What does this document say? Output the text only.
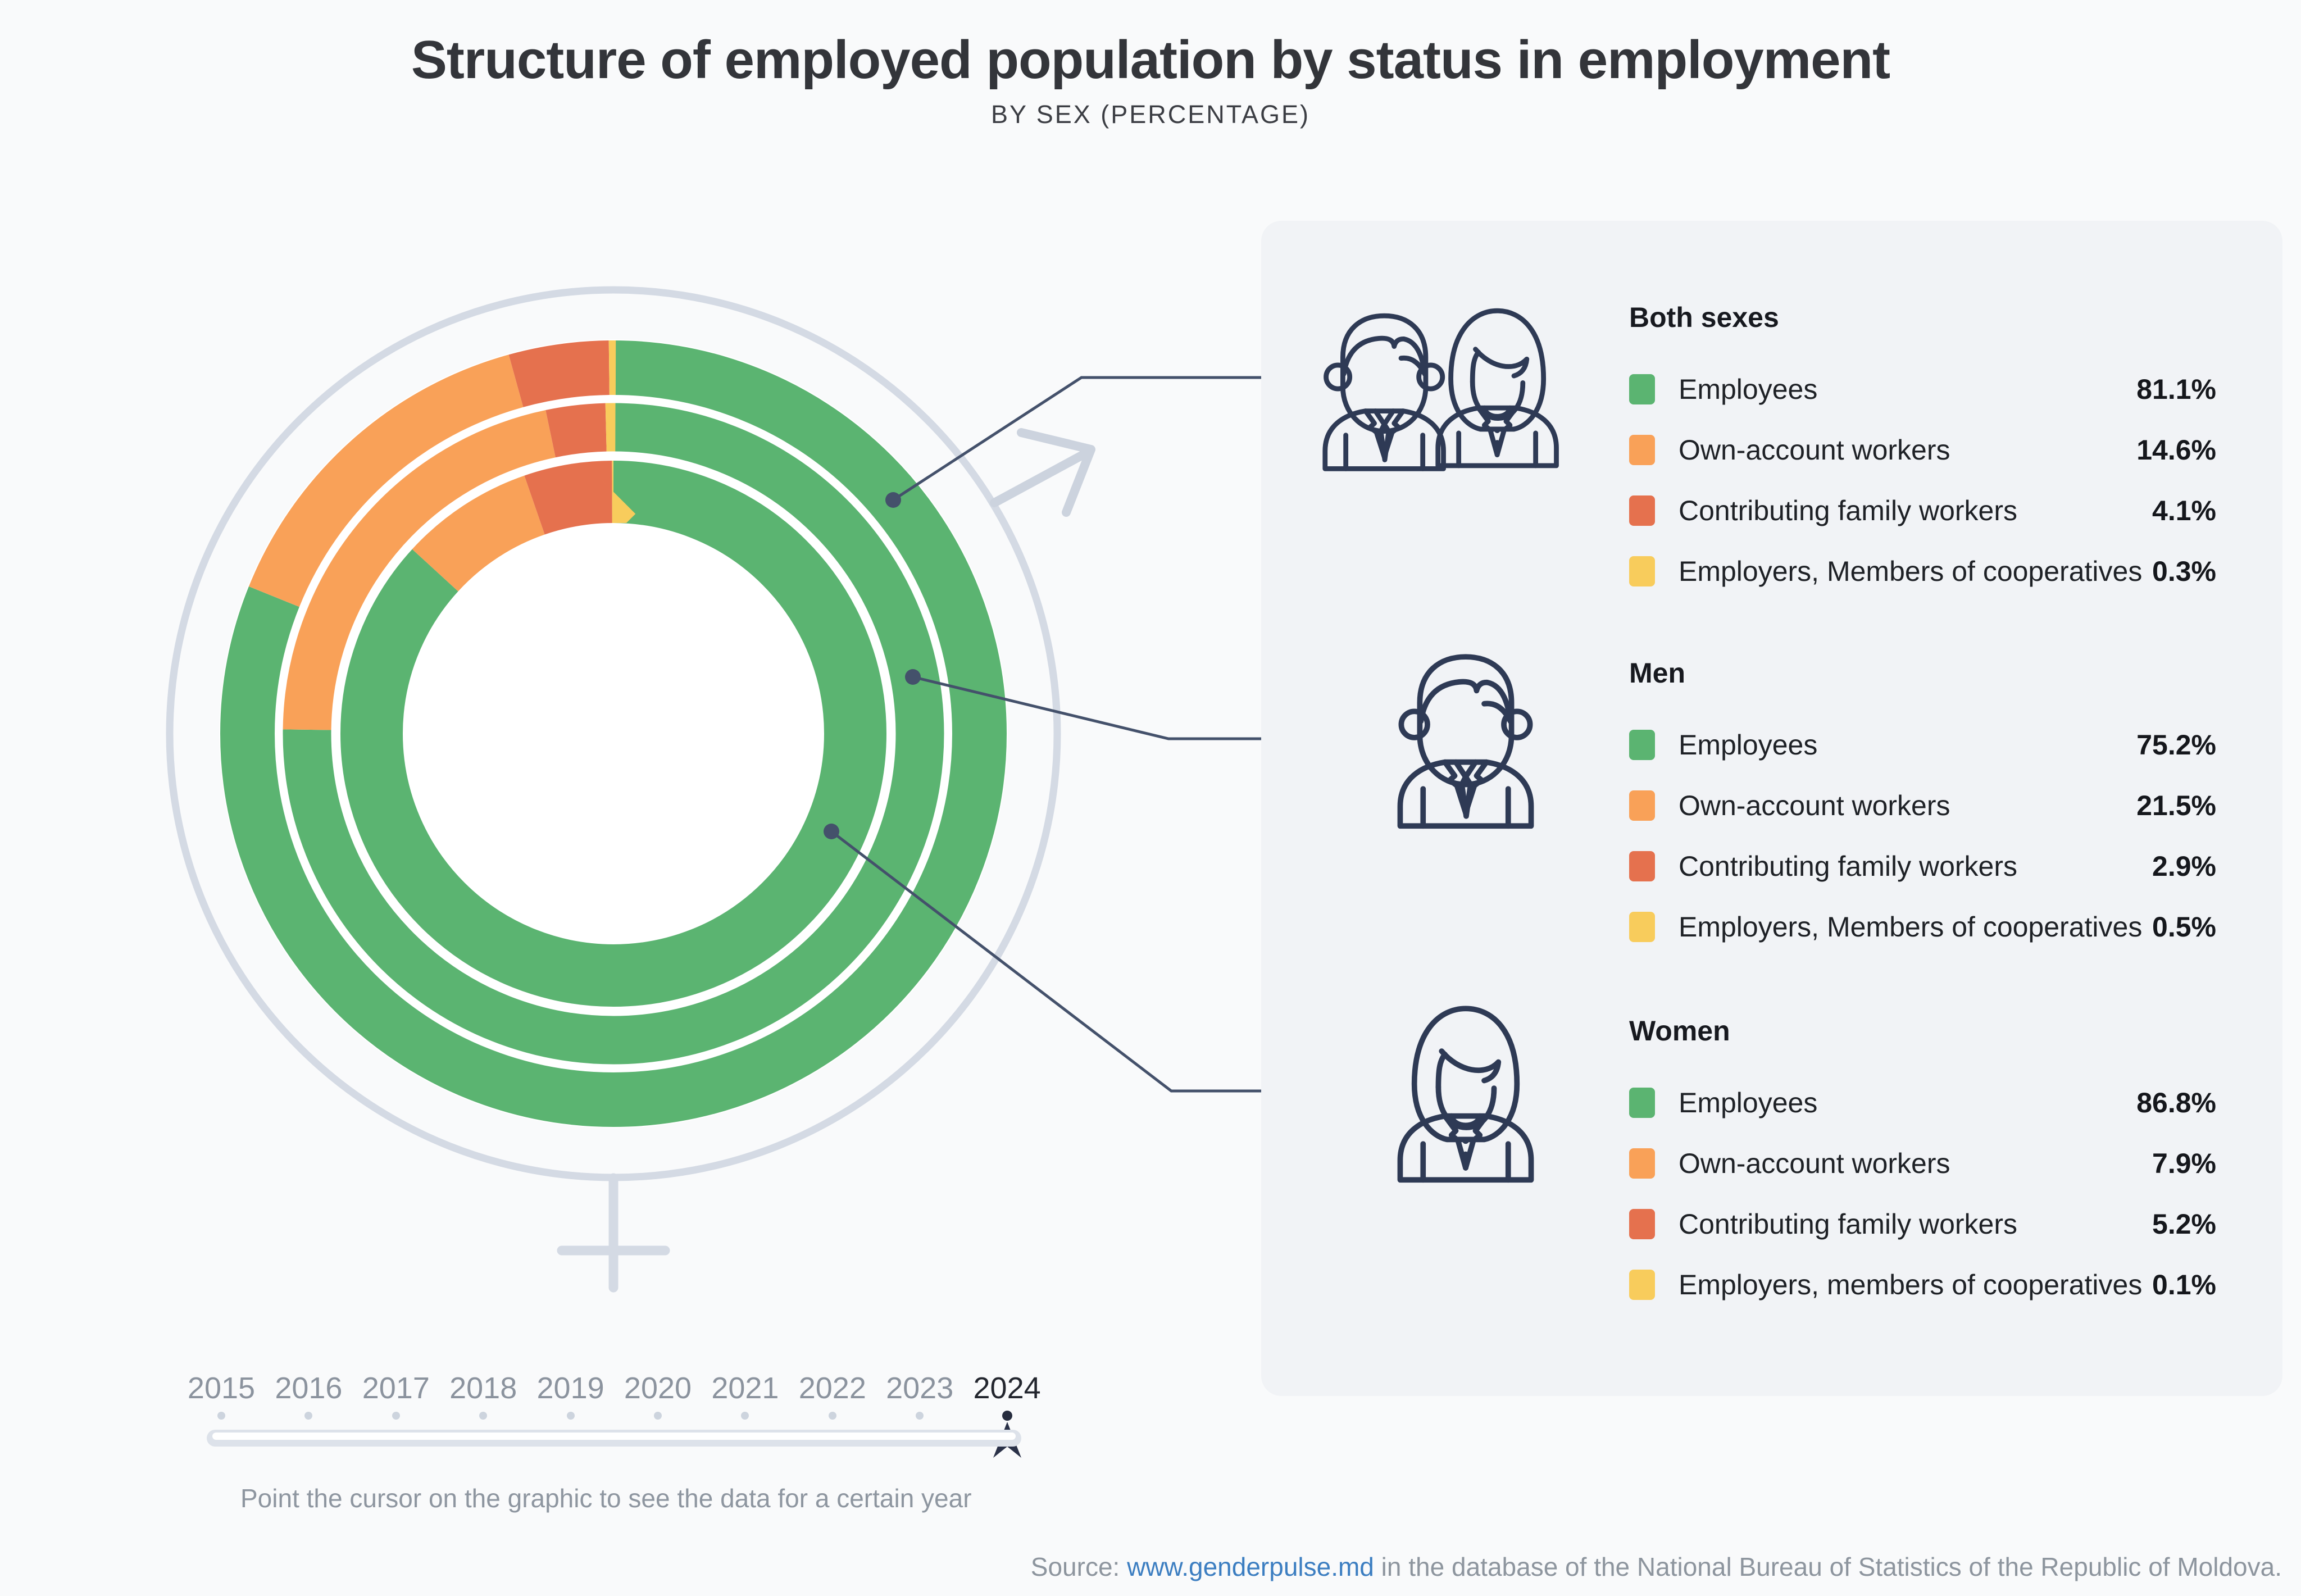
Structure of employed population by status in employment
BY SEX (PERCENTAGE)
Both sexes
Employees	81.1%
Own-account workers	14.6%
Contributing family workers	4.1%
Employers, Members of cooperatives 0.3%
Men
Employees	75.2%
Own-account workers	21.5%
Contributing family workers	2.9%
Employers, Members of cooperatives 0.5%
Women
Employees	86.8%
Own-account workers	7.9%
Contributing family workers	5.2%
Employers, members of cooperatives 0.1%
2015 2016 2017 2018 2019 2020 2021 2022 2023 2024
Point the cursor on the graphic to see the data for a certain year
Source: www.genderpulse.md in the database of the National Bureau of Statistics of the Republic of Moldova.
